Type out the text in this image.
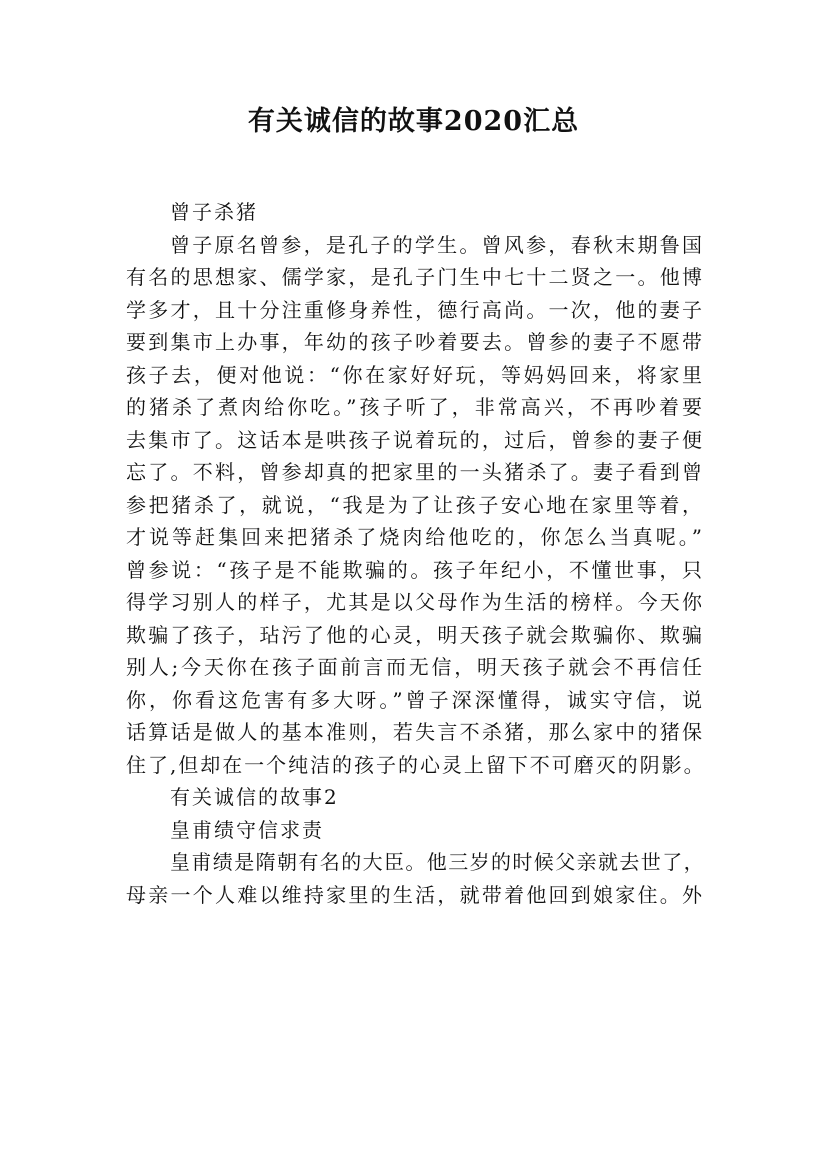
有关诚信的故事2020汇总
曾子杀猪
曾子原名曾参，是孔子的学生。曾风参，春秋末期鲁国
有名的思想家、儒学家，是孔子门生中七十二贤之一。他博
学多才，且十分注重修身养性，德行高尚。一次，他的妻子
要到集市上办事，年幼的孩子吵着要去。曾参的妻子不愿带
孩子去，便对他说：“你在家好好玩，等妈妈回来，将家里
的猪杀了煮肉给你吃。”孩子听了，非常高兴，不再吵着要
去集市了。这话本是哄孩子说着玩的，过后，曾参的妻子便
忘了。不料，曾参却真的把家里的一头猪杀了。妻子看到曾
参把猪杀了，就说，“我是为了让孩子安心地在家里等着，
才说等赶集回来把猪杀了烧肉给他吃的，你怎么当真呢。”
曾参说：“孩子是不能欺骗的。孩子年纪小，不懂世事，只
得学习别人的样子，尤其是以父母作为生活的榜样。今天你
欺骗了孩子，玷污了他的心灵，明天孩子就会欺骗你、欺骗
别人;今天你在孩子面前言而无信，明天孩子就会不再信任
你，你看这危害有多大呀。”曾子深深懂得，诚实守信，说
话算话是做人的基本准则，若失言不杀猪，那么家中的猪保
住了,但却在一个纯洁的孩子的心灵上留下不可磨灭的阴影。
有关诚信的故事2
皇甫绩守信求责
皇甫绩是隋朝有名的大臣。他三岁的时候父亲就去世了，
母亲一个人难以维持家里的生活，就带着他回到娘家住。外
